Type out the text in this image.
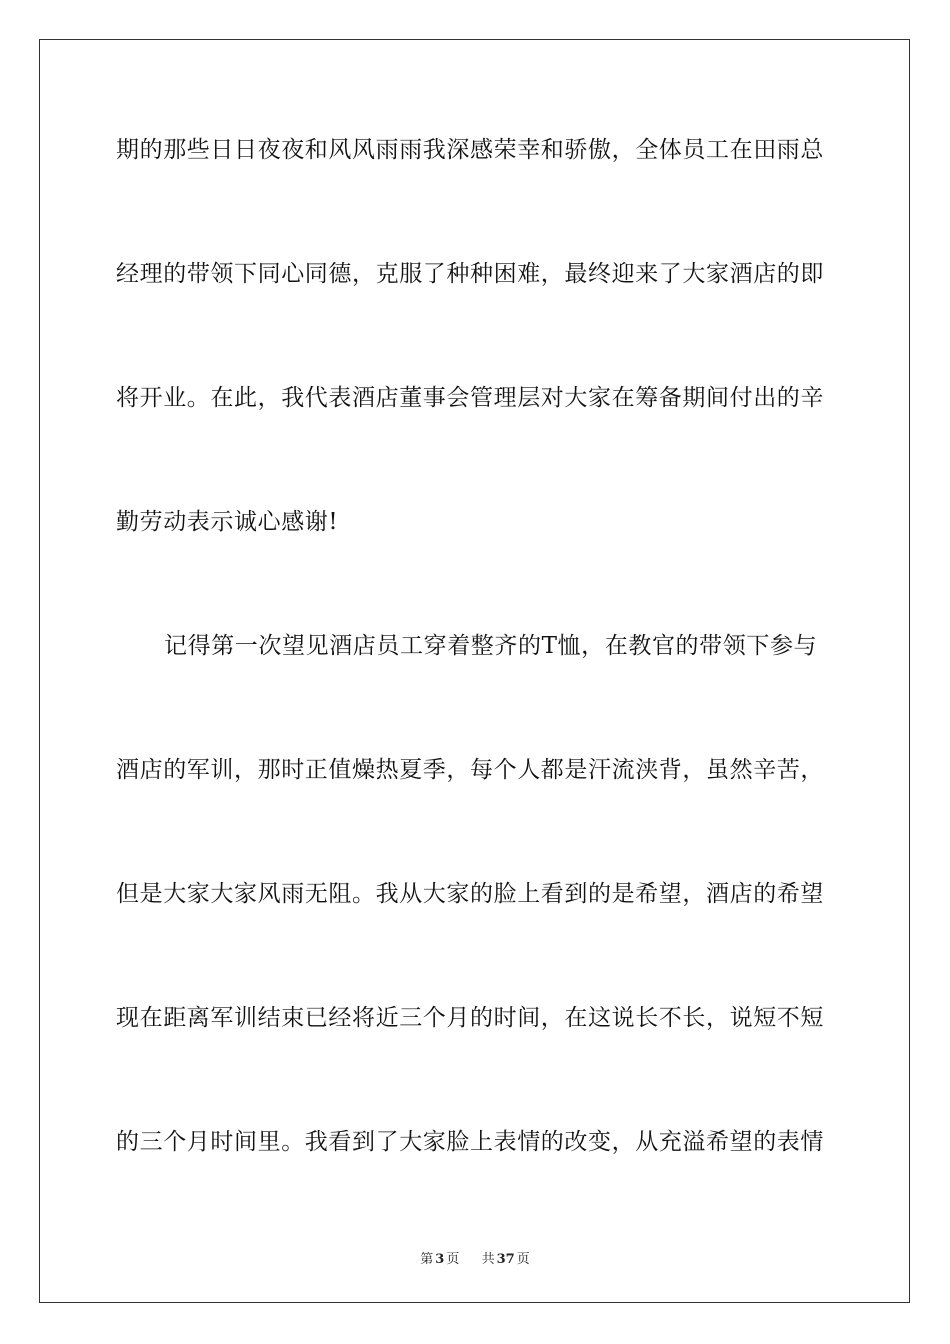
期的那些日日夜夜和风风雨雨我深感荣幸和骄傲，全体员工在田雨总
经理的带领下同心同德，克服了种种困难，最终迎来了大家酒店的即
将开业。在此，我代表酒店董事会管理层对大家在筹备期间付出的辛
勤劳动表示诚心感谢!
记得第一次望见酒店员工穿着整齐的T恤，在教官的带领下参与
酒店的军训，那时正值燥热夏季，每个人都是汗流浃背，虽然辛苦，
但是大家大家风雨无阻。我从大家的脸上看到的是希望，酒店的希望
现在距离军训结束已经将近三个月的时间，在这说长不长，说短不短
的三个月时间里。我看到了大家脸上表情的改变，从充溢希望的表情
第 3 页 共 37 页
